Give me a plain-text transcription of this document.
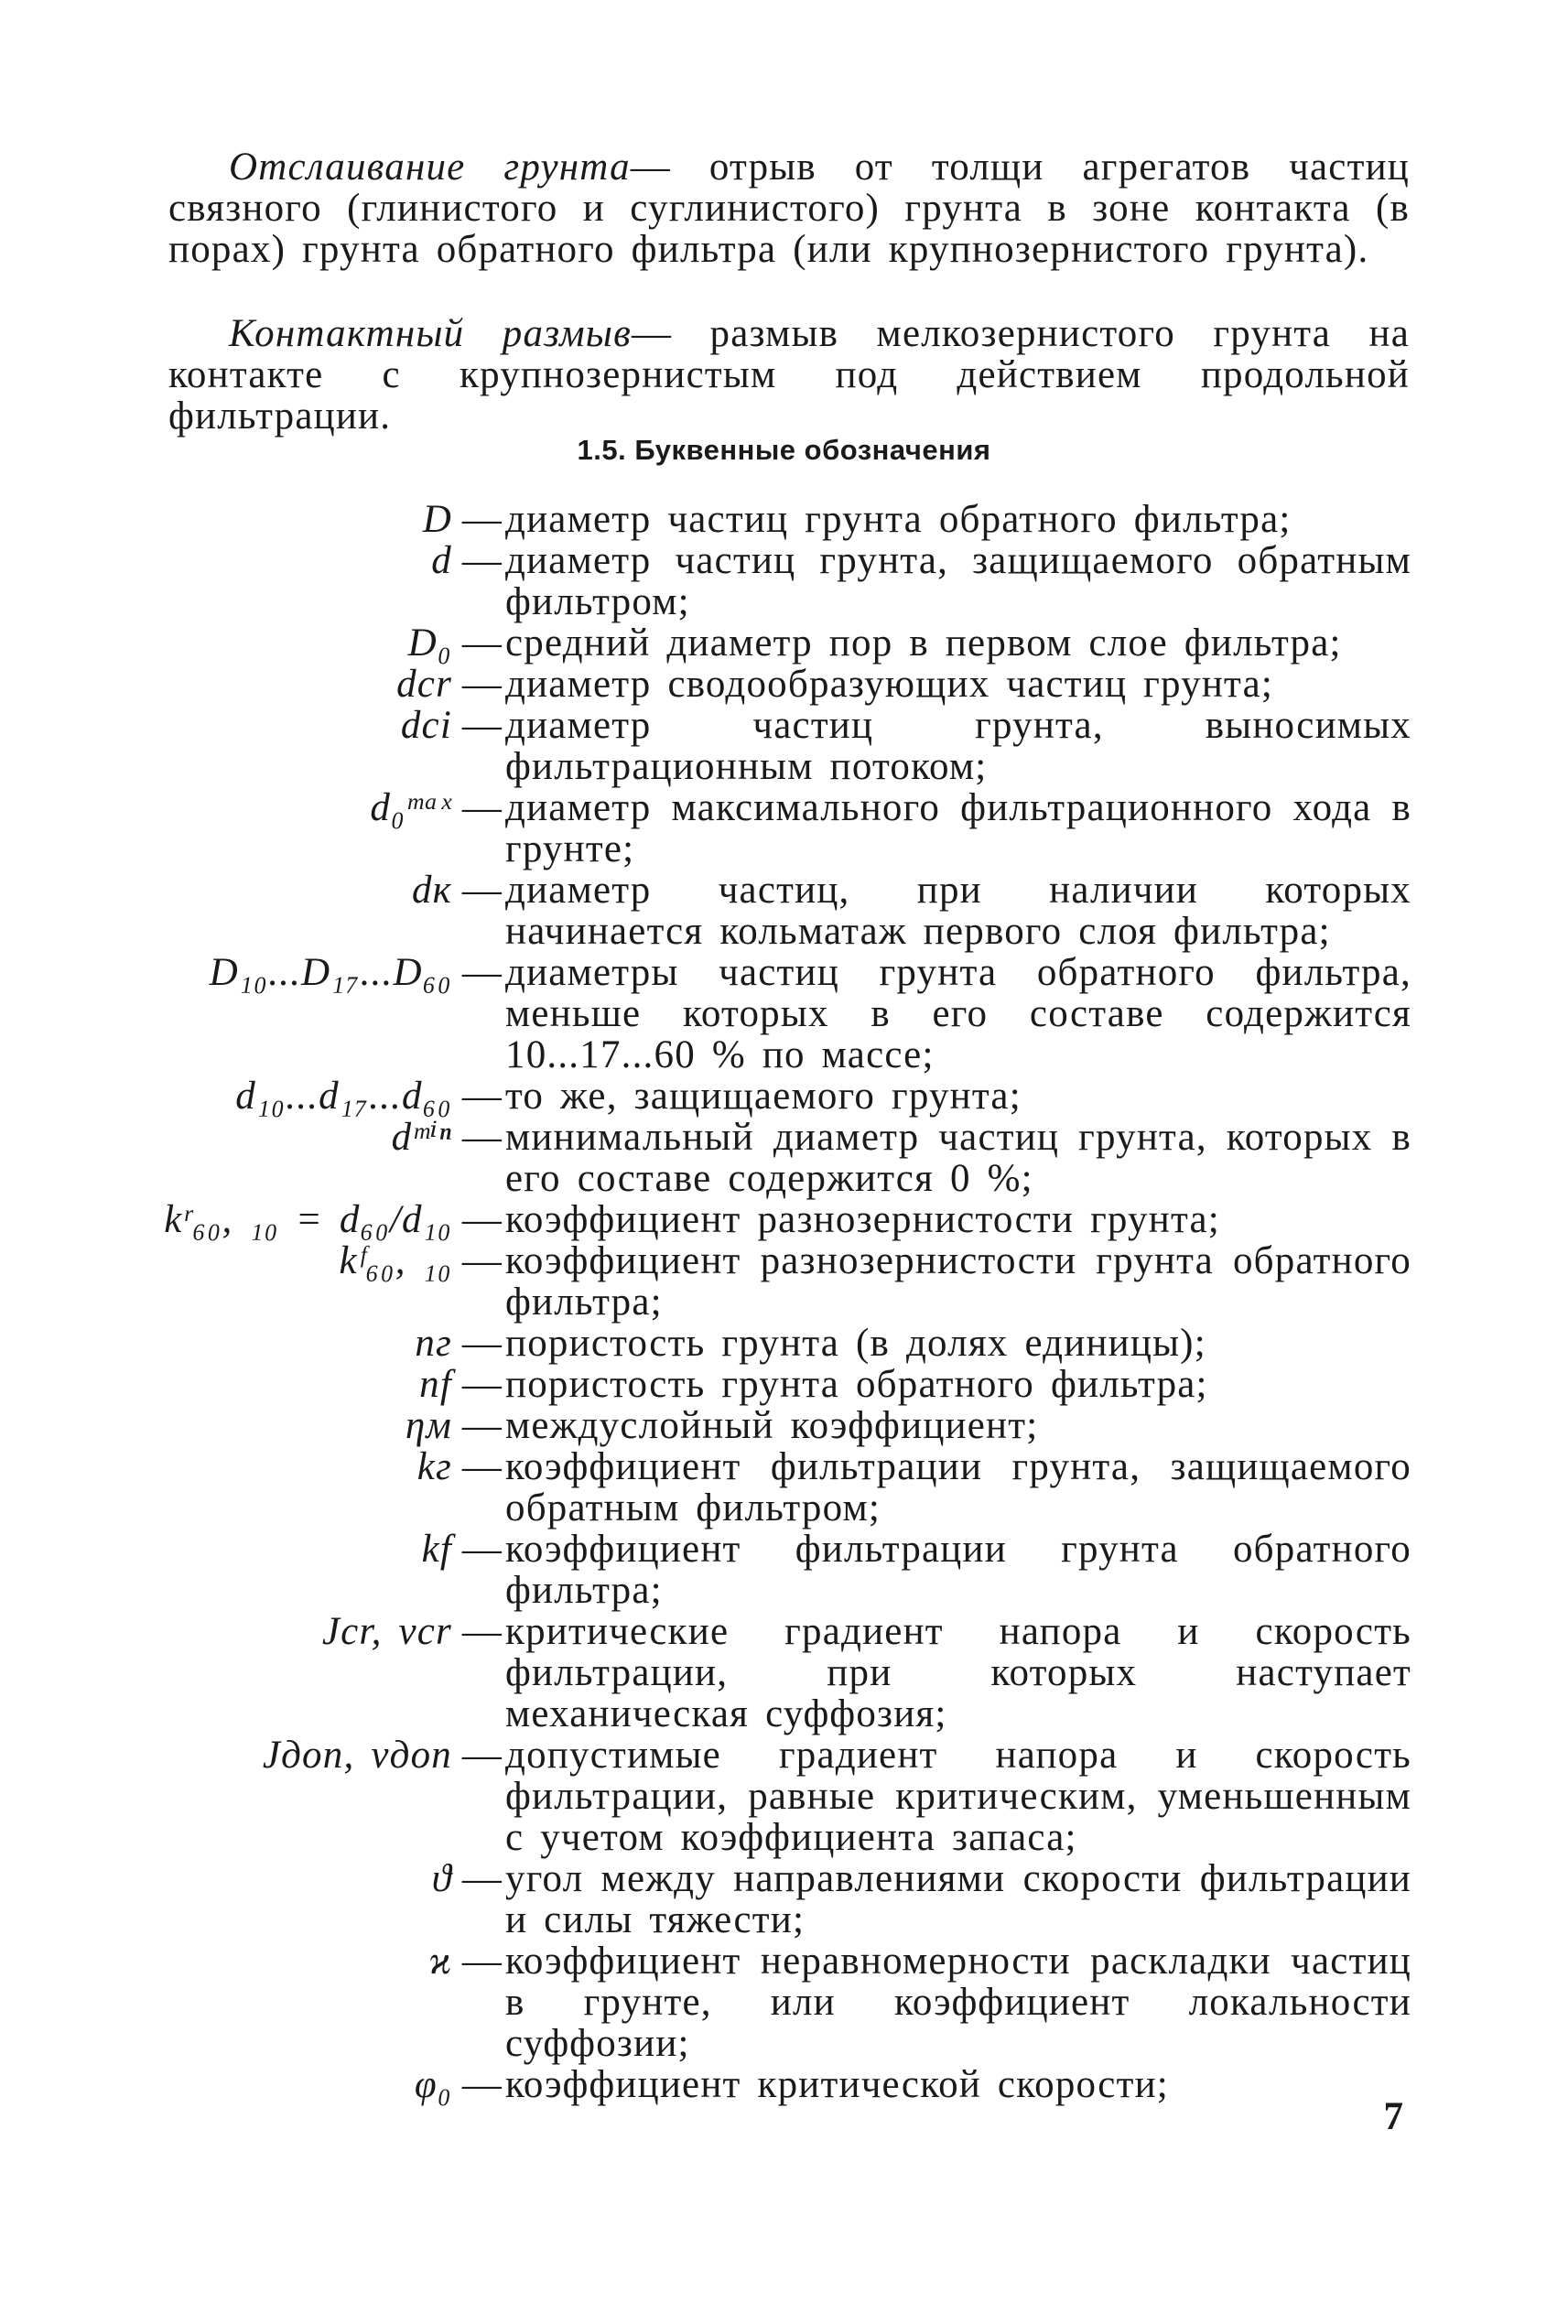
Отслаивание грунта— отрыв от толщи агрегатов частиц связного (глинистого и суглинистого) грунта в зоне контакта (в порах) грунта обратного фильтра (или крупнозернистого грунта).
Контактный размыв— размыв мелкозернистого грунта на контакте с крупнозернистым под действием продольной фильтрации.
1.5. Буквенные обозначения
D — диаметр частиц грунта обратного фильтра;
d — диаметр частиц грунта, защищаемого обратным фильтром;
D₀ — средний диаметр пор в первом слое фильтра;
dcr — диаметр сводообразующих частиц грунта;
dci — диаметр частиц грунта, выносимых фильтрационным потоком;
d₀ᵐᵃˣ — диаметр максимального фильтрационного хода в грунте;
dк — диаметр частиц, при наличии которых начинается кольматаж первого слоя фильтра;
D₁₀...D₁₇...D₆₀ — диаметры частиц грунта обратного фильтра, меньше которых в его составе содержится 10...17...60 % по массе;
d₁₀...d₁₇...d₆₀ — то же, защищаемого грунта;
dᵐⁱⁿ — минимальный диаметр частиц грунта, которых в его составе содержится 0 %;
kʳ₆₀, ₁₀ = d₆₀/d₁₀ — коэффициент разнозернистости грунта;
kᶠ₆₀, ₁₀ — коэффициент разнозернистости грунта обратного фильтра;
nг — пористость грунта (в долях единицы);
nf — пористость грунта обратного фильтра;
ηм — междуслойный коэффициент;
kг — коэффициент фильтрации грунта, защищаемого обратным фильтром;
kf — коэффициент фильтрации грунта обратного фильтра;
Jcr, vcr — критические градиент напора и скорость фильтрации, при которых наступает механическая суффозия;
Jдоп, vдоп — допустимые градиент напора и скорость фильтрации, равные критическим, уменьшенным с учетом коэффициента запаса;
ϑ — угол между направлениями скорости фильтрации и силы тяжести;
ϰ — коэффициент неравномерности раскладки частиц в грунте, или коэффициент локальности суффозии;
φ₀ — коэффициент критической скорости;
7
